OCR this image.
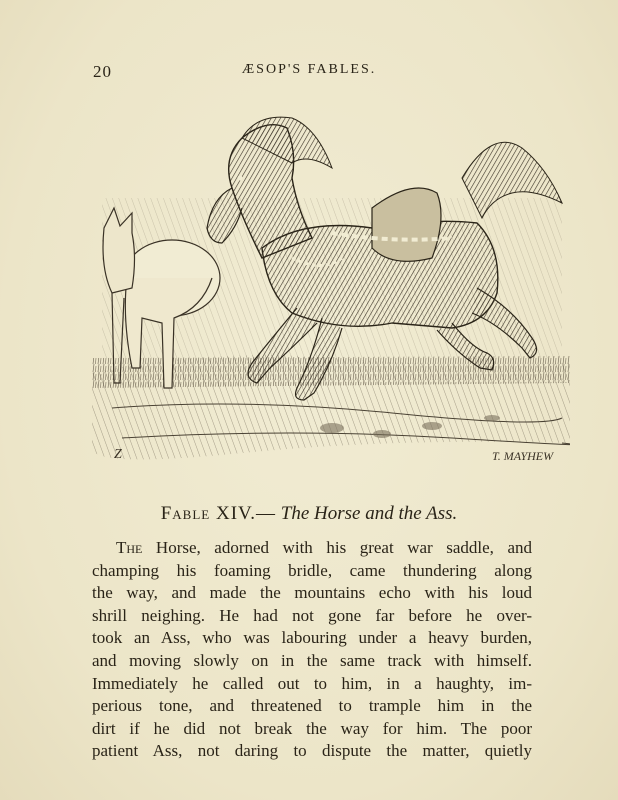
20	ÆSOP'S FABLES.
Z	T. MAYHEW
Fable XIV.— The Horse and the Ass.
The Horse, adorned with his great war saddle, and
champing his foaming bridle, came thundering along
the way, and made the mountains echo with his loud
shrill neighing. He had not gone far before he over-
took an Ass, who was labouring under a heavy burden,
and moving slowly on in the same track with himself.
Immediately he called out to him, in a haughty, im-
perious tone, and threatened to trample him in the
dirt if he did not break the way for him. The poor
patient Ass, not daring to dispute the matter, quietly
